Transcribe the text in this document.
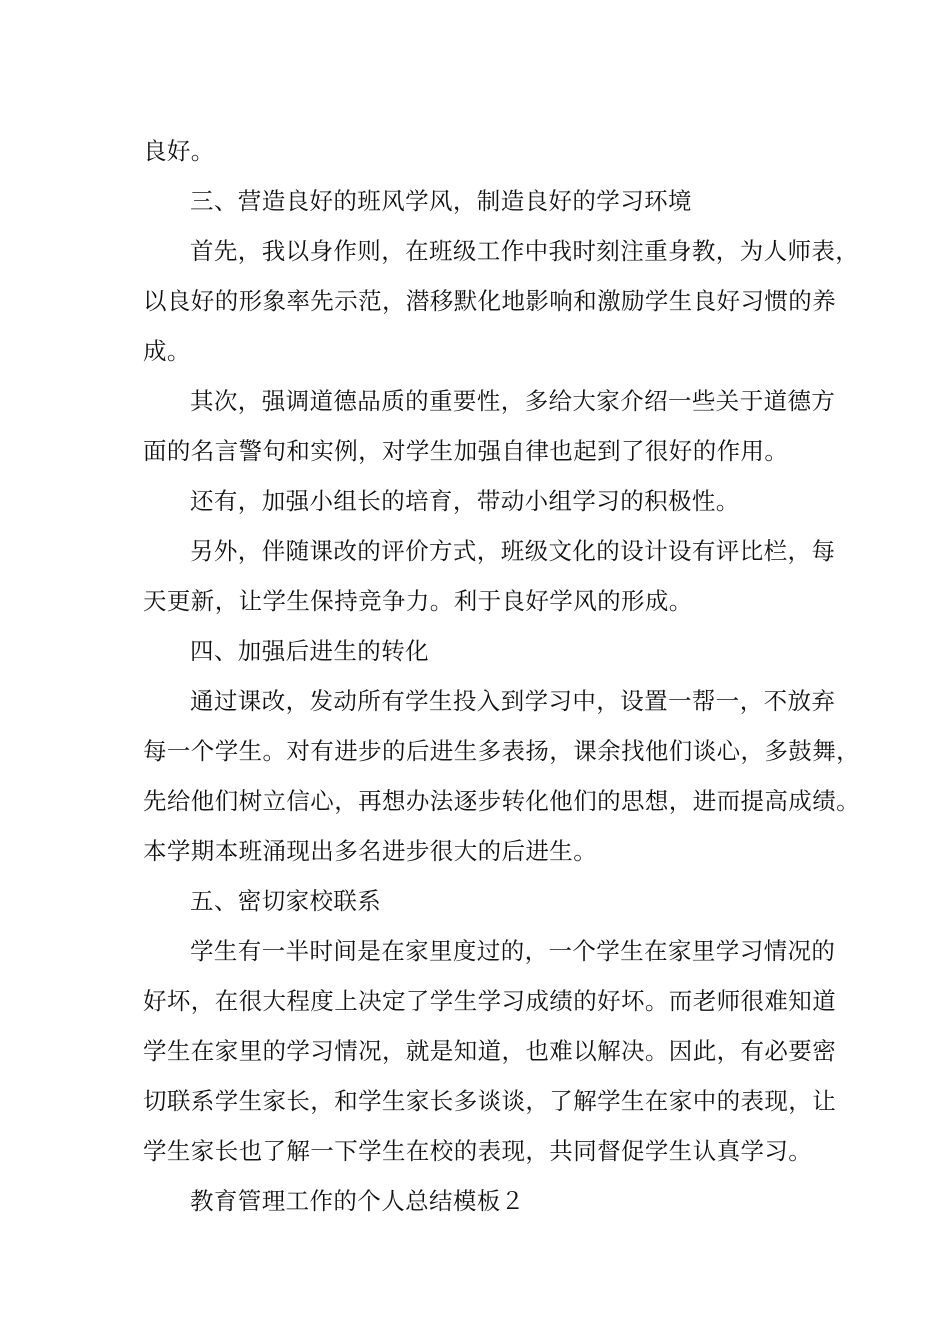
良好。
三、营造良好的班风学风，制造良好的学习环境
首先，我以身作则，在班级工作中我时刻注重身教，为人师表，
以良好的形象率先示范，潜移默化地影响和激励学生良好习惯的养
成。
其次，强调道德品质的重要性，多给大家介绍一些关于道德方
面的名言警句和实例，对学生加强自律也起到了很好的作用。
还有，加强小组长的培育，带动小组学习的积极性。
另外，伴随课改的评价方式，班级文化的设计设有评比栏，每
天更新，让学生保持竞争力。利于良好学风的形成。
四、加强后进生的转化
通过课改，发动所有学生投入到学习中，设置一帮一，不放弃
每一个学生。对有进步的后进生多表扬，课余找他们谈心，多鼓舞，
先给他们树立信心，再想办法逐步转化他们的思想，进而提高成绩。
本学期本班涌现出多名进步很大的后进生。
五、密切家校联系
学生有一半时间是在家里度过的，一个学生在家里学习情况的
好坏，在很大程度上决定了学生学习成绩的好坏。而老师很难知道
学生在家里的学习情况，就是知道，也难以解决。因此，有必要密
切联系学生家长，和学生家长多谈谈，了解学生在家中的表现，让
学生家长也了解一下学生在校的表现，共同督促学生认真学习。
教育管理工作的个人总结模板２
